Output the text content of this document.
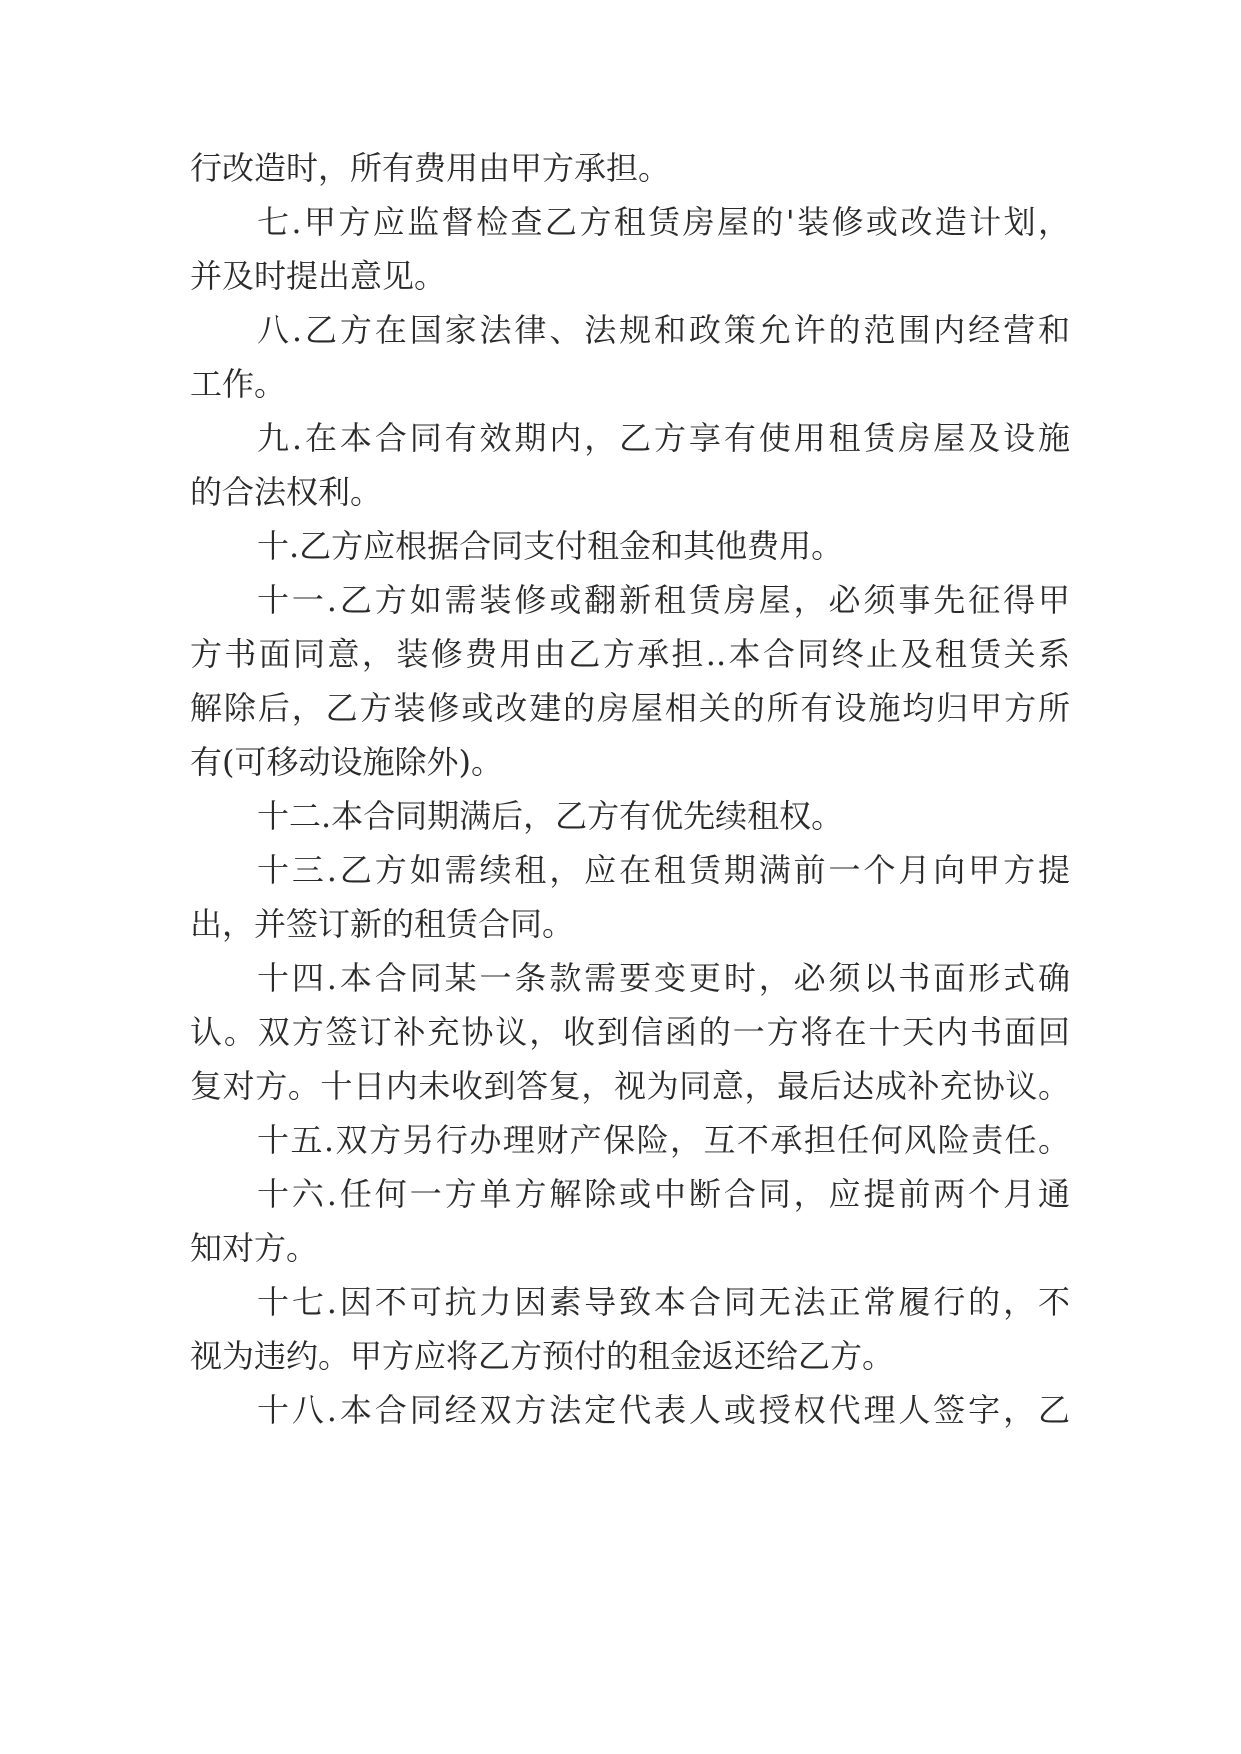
行改造时，所有费用由甲方承担。
七.甲方应监督检查乙方租赁房屋的'装修或改造计划，
并及时提出意见。
八.乙方在国家法律、法规和政策允许的范围内经营和
工作。
九.在本合同有效期内，乙方享有使用租赁房屋及设施
的合法权利。
十.乙方应根据合同支付租金和其他费用。
十一.乙方如需装修或翻新租赁房屋，必须事先征得甲
方书面同意，装修费用由乙方承担..本合同终止及租赁关系
解除后，乙方装修或改建的房屋相关的所有设施均归甲方所
有(可移动设施除外)。
十二.本合同期满后，乙方有优先续租权。
十三.乙方如需续租，应在租赁期满前一个月向甲方提
出，并签订新的租赁合同。
十四.本合同某一条款需要变更时，必须以书面形式确
认。双方签订补充协议，收到信函的一方将在十天内书面回
复对方。十日内未收到答复，视为同意，最后达成补充协议。
十五.双方另行办理财产保险，互不承担任何风险责任。
十六.任何一方单方解除或中断合同，应提前两个月通
知对方。
十七.因不可抗力因素导致本合同无法正常履行的，不
视为违约。甲方应将乙方预付的租金返还给乙方。
十八.本合同经双方法定代表人或授权代理人签字，乙
